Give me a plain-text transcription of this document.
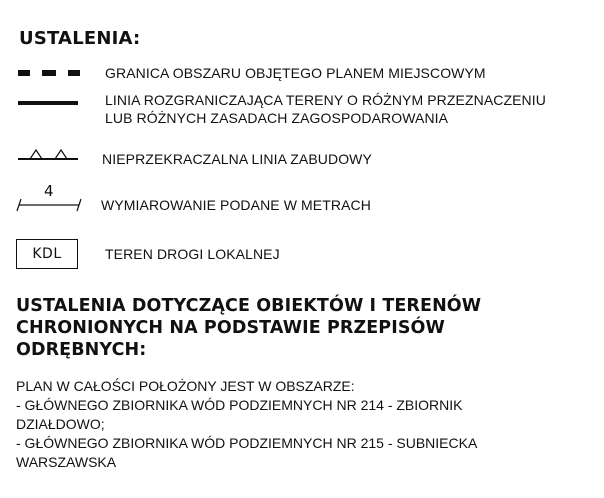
USTALENIA:
GRANICA OBSZARU OBJĘTEGO PLANEM MIEJSCOWYM
LINIA ROZGRANICZAJĄCA TERENY O RÓŻNYM PRZEZNACZENIU
LUB RÓŻNYCH ZASADACH ZAGOSPODAROWANIA
NIEPRZEKRACZALNA LINIA ZABUDOWY
4
WYMIAROWANIE PODANE W METRACH
KDL	TEREN DROGI LOKALNEJ
USTALENIA DOTYCZĄCE OBIEKTÓW I TERENÓW
CHRONIONYCH NA PODSTAWIE PRZEPISÓW
ODRĘBNYCH:
PLAN W CAŁOŚCI POŁOŻONY JEST W OBSZARZE:
- GŁÓWNEGO ZBIORNIKA WÓD PODZIEMNYCH NR 214 - ZBIORNIK
DZIAŁDOWO;
- GŁÓWNEGO ZBIORNIKA WÓD PODZIEMNYCH NR 215 - SUBNIECKA
WARSZAWSKA
